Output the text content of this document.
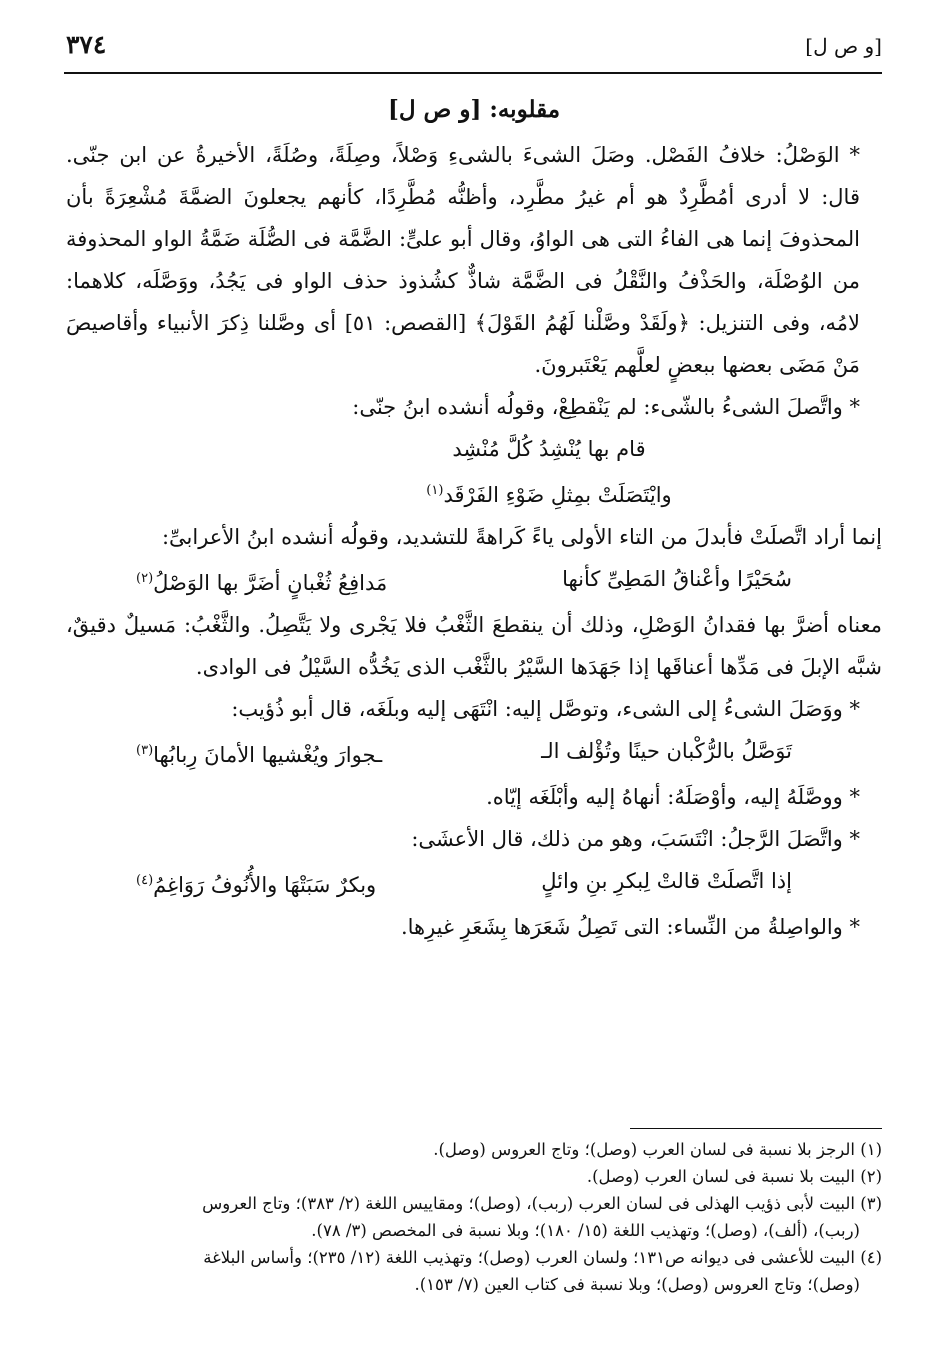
٣٧٤	[و ص ل]

مقلوبه: [و ص ل]

* الوَصْلُ: خلافُ الفَصْل. وصَلَ الشىءَ بالشىءِ وَصْلاً، وصِلَةً، وصُلَةً، الأخيرةُ عن ابن جنّى. قال: لا أدرى أمُطَّرِدٌ هو أم غيرُ مطَّرِد، وأظنُّه مُطَّرِدًا، كأنهم يجعلونَ الضمَّةَ مُشْعِرَةً بأن المحذوفَ إنما هى الفاءُ التى هى الواوُ، وقال أبو علىٍّ: الضَّمَّة فى الصُّلَة ضَمَّةُ الواو المحذوفة من الوُصْلَة، والحَذْفُ والنَّقْلُ فى الضَّمَّة شاذٌّ كشُذوذ حذف الواو فى يَجُدُ، ووَصَّلَه، كلاهما: لامُه، وفى التنزيل: ﴿ولَقَدْ وصَّلْنا لَهُمُ القَوْلَ﴾ [القصص: ٥١] أى وصَّلنا ذِكرَ الأنبياء وأقاصيصَ مَنْ مَضَى بعضها ببعضٍ لعلَّهم يَعْتَبرونَ.

* واتَّصلَ الشىءُ بالشّىء: لم يَنْقطِعْ، وقولُه أنشده ابنُ جنّى:

قام بها يُنْشِدُ كُلَّ مُنْشِد

وايْتَصَلَتْ بمِثلِ ضَوْءِ الفَرْقَد$^{(١)}$

إنما أراد اتَّصلَتْ فأبدلَ من التاء الأولى ياءً كَراهةً للتشديد، وقولُه أنشده ابنُ الأعرابىِّ:

سُحَيْرًا وأعْناقُ المَطِىِّ كأنها
مَدافِعُ ثُغْبانٍ أضَرَّ بها الوَصْلُ$^{(٢)}$

معناه أضرَّ بها فقدانُ الوَصْلِ، وذلك أن ينقطعَ الثَّغْبُ فلا يَجْرى ولا يَتَّصِلُ. والثَّغْبُ: مَسيلٌ دقيقٌ، شبَّه الإبلَ فى مَدِّها أعناقَها إذا جَهَدَها السَّيْرُ بالثَّغْب الذى يَخُدُّه السَّيْلُ فى الوادى.

* ووَصَلَ الشىءُ إلى الشىء، وتوصَّل إليه: انْتَهَى إليه وبلَغَه، قال أبو ذُؤيب:

تَوَصَّلُ بالرُّكْبان حينًا وتُؤْلف الـ
ـجوارَ ويُغْشيها الأمانَ رِبابُها$^{(٣)}$

* ووصَّلَهُ إليه، وأوْصَلَهُ: أنهاهُ إليه وأبْلَغَه إيّاه.

* واتَّصَلَ الرَّجلُ: انْتَسَبَ، وهو من ذلك، قال الأعشَى:

إذا اتَّصلَتْ قالتْ لِبكرِ بنِ وائلٍ
وبكرٌ سَبَتْهَا والأُنُوفُ رَوَاغِمُ$^{(٤)}$

* والواصِلةُ من النِّساء: التى تَصِلُ شَعَرَها بِشَعَرِ غيرِها.

(١) الرجز بلا نسبة فى لسان العرب (وصل)؛ وتاج العروس (وصل).

(٢) البيت بلا نسبة فى لسان العرب (وصل).

(٣) البيت لأبى ذؤيب الهذلى فى لسان العرب (ربب)، (وصل)؛ ومقاييس اللغة (٢/ ٣٨٣)؛ وتاج العروس

(ربب)، (ألف)، (وصل)؛ وتهذيب اللغة (١٥/ ١٨٠)؛ وبلا نسبة فى المخصص (٣/ ٧٨).

(٤) البيت للأعشى فى ديوانه ص١٣١؛ ولسان العرب (وصل)؛ وتهذيب اللغة (١٢/ ٢٣٥)؛ وأساس البلاغة

(وصل)؛ وتاج العروس (وصل)؛ وبلا نسبة فى كتاب العين (٧/ ١٥٣).
